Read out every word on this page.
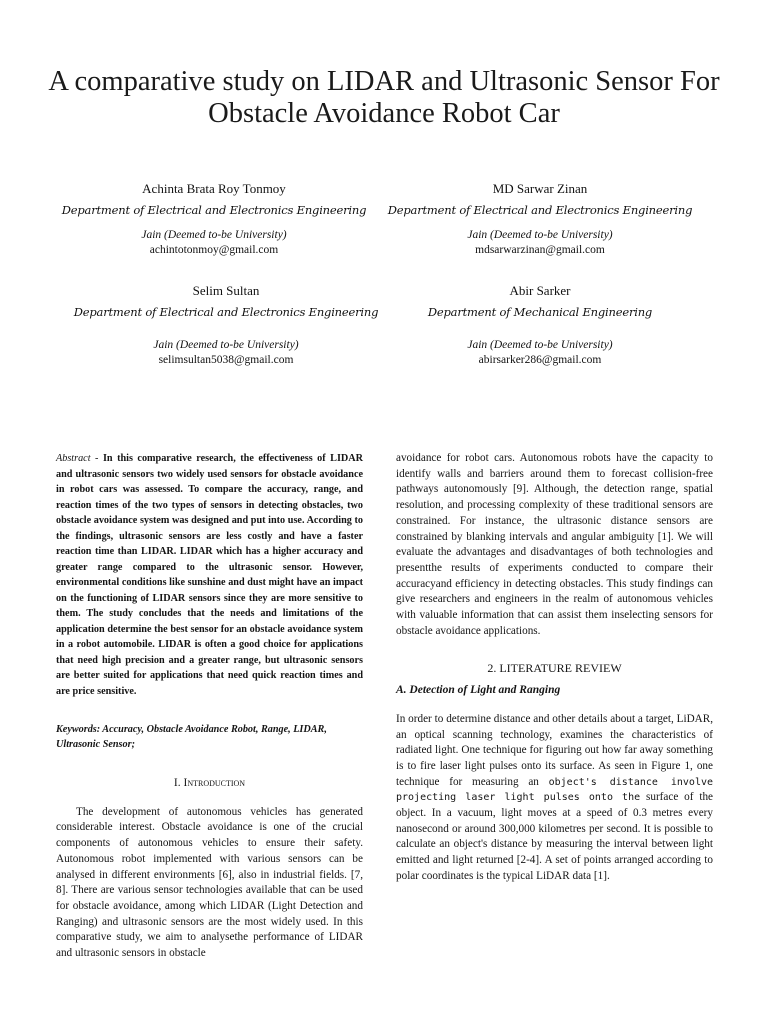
A comparative study on LIDAR and Ultrasonic Sensor For
Obstacle Avoidance Robot Car

Achinta Brata Roy Tonmoy

Department of Electrical and Electronics Engineering

Jain (Deemed to-be University)

achintotonmoy@gmail.com

MD Sarwar Zinan

Department of Electrical and Electronics Engineering

Jain (Deemed to-be University)

mdsarwarzinan@gmail.com

Selim Sultan

Department of Electrical and Electronics Engineering

Jain (Deemed to-be University)

selimsultan5038@gmail.com

Abir Sarker

Department of Mechanical Engineering

Jain (Deemed to-be University)

abirsarker286@gmail.com

Abstract - In this comparative research, the effectiveness of LIDAR and ultrasonic sensors two widely used sensors for obstacle avoidance in robot cars was assessed. To compare the accuracy, range, and reaction times of the two types of sensors in detecting obstacles, two obstacle avoidance system was designed and put into use. According to the findings, ultrasonic sensors are less costly and have a faster reaction time than LIDAR. LIDAR which has a higher accuracy and greater range compared to the ultrasonic sensor. However, environmental conditions like sunshine and dust might have an impact on the functioning of LIDAR sensors since they are more sensitive to them. The study concludes that the needs and limitations of the application determine the best sensor for an obstacle avoidance system in a robot automobile. LIDAR is often a good choice for applications that need high precision and a greater range, but ultrasonic sensors are better suited for applications that need quick reaction times and are price sensitive.

Keywords: Accuracy, Obstacle Avoidance Robot, Range, LIDAR, Ultrasonic Sensor;

I. Introduction

The development of autonomous vehicles has generated considerable interest. Obstacle avoidance is one of the crucial components of autonomous vehicles to ensure their safety. Autonomous robot implemented with various sensors can be analysed in different environments [6], also in industrial fields. [7, 8]. There are various sensor technologies available that can be used for obstacle avoidance, among which LIDAR (Light Detection and Ranging) and ultrasonic sensors are the most widely used. In this comparative study, we aim to analysethe performance of LIDAR and ultrasonic sensors in obstacle

avoidance for robot cars. Autonomous robots have the capacity to identify walls and barriers around them to forecast collision-free pathways autonomously [9]. Although, the detection range, spatial resolution, and processing complexity of these traditional sensors are constrained. For instance, the ultrasonic distance sensors are constrained by blanking intervals and angular ambiguity [1]. We will evaluate the advantages and disadvantages of both technologies and presentthe results of experiments conducted to compare their accuracyand efficiency in detecting obstacles. This study findings can give researchers and engineers in the realm of autonomous vehicles with valuable information that can assist them inselecting sensors for obstacle avoidance applications.

2. LITERATURE REVIEW

A. Detection of Light and Ranging

In order to determine distance and other details about a target, LiDAR, an optical scanning technology, examines the characteristics of radiated light. One technique for figuring out how far away something is to fire laser light pulses onto its surface. As seen in Figure 1, one technique for measuring an object's distance involve projecting laser light pulses onto the surface of the object. In a vacuum, light moves at a speed of 0.3 metres every nanosecond or around 300,000 kilometres per second. It is possible to calculate an object's distance by measuring the interval between light emitted and light returned [2-4]. A set of points arranged according to polar coordinates is the typical LiDAR data [1].
